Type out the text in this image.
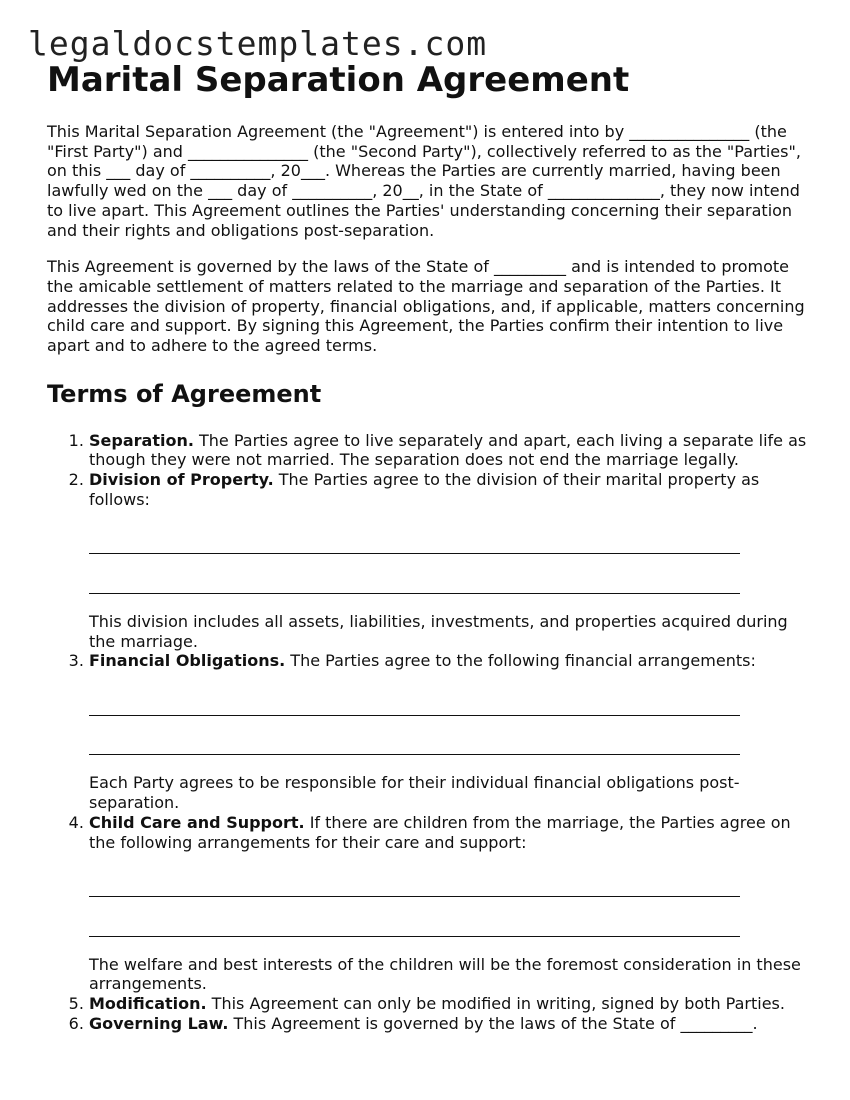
legaldocstemplates.com

Marital Separation Agreement

This Marital Separation Agreement (the "Agreement") is entered into by _______________ (the "First Party") and _______________ (the "Second Party"), collectively referred to as the "Parties", on this ___ day of __________, 20___. Whereas the Parties are currently married, having been lawfully wed on the ___ day of __________, 20__, in the State of ______________, they now intend to live apart. This Agreement outlines the Parties' understanding concerning their separation and their rights and obligations post-separation.

This Agreement is governed by the laws of the State of _________ and is intended to promote the amicable settlement of matters related to the marriage and separation of the Parties. It addresses the division of property, financial obligations, and, if applicable, matters concerning child care and support. By signing this Agreement, the Parties confirm their intention to live apart and to adhere to the agreed terms.

Terms of Agreement
1. Separation. The Parties agree to live separately and apart, each living a separate life as though they were not married. The separation does not end the marriage legally.
2. Division of Property. The Parties agree to the division of their marital property as follows:

This division includes all assets, liabilities, investments, and properties acquired during the marriage.

3. Financial Obligations. The Parties agree to the following financial arrangements:

Each Party agrees to be responsible for their individual financial obligations post-separation.

4. Child Care and Support. If there are children from the marriage, the Parties agree on the following arrangements for their care and support:

The welfare and best interests of the children will be the foremost consideration in these arrangements.

5. Modification. This Agreement can only be modified in writing, signed by both Parties.
6. Governing Law. This Agreement is governed by the laws of the State of _________.
